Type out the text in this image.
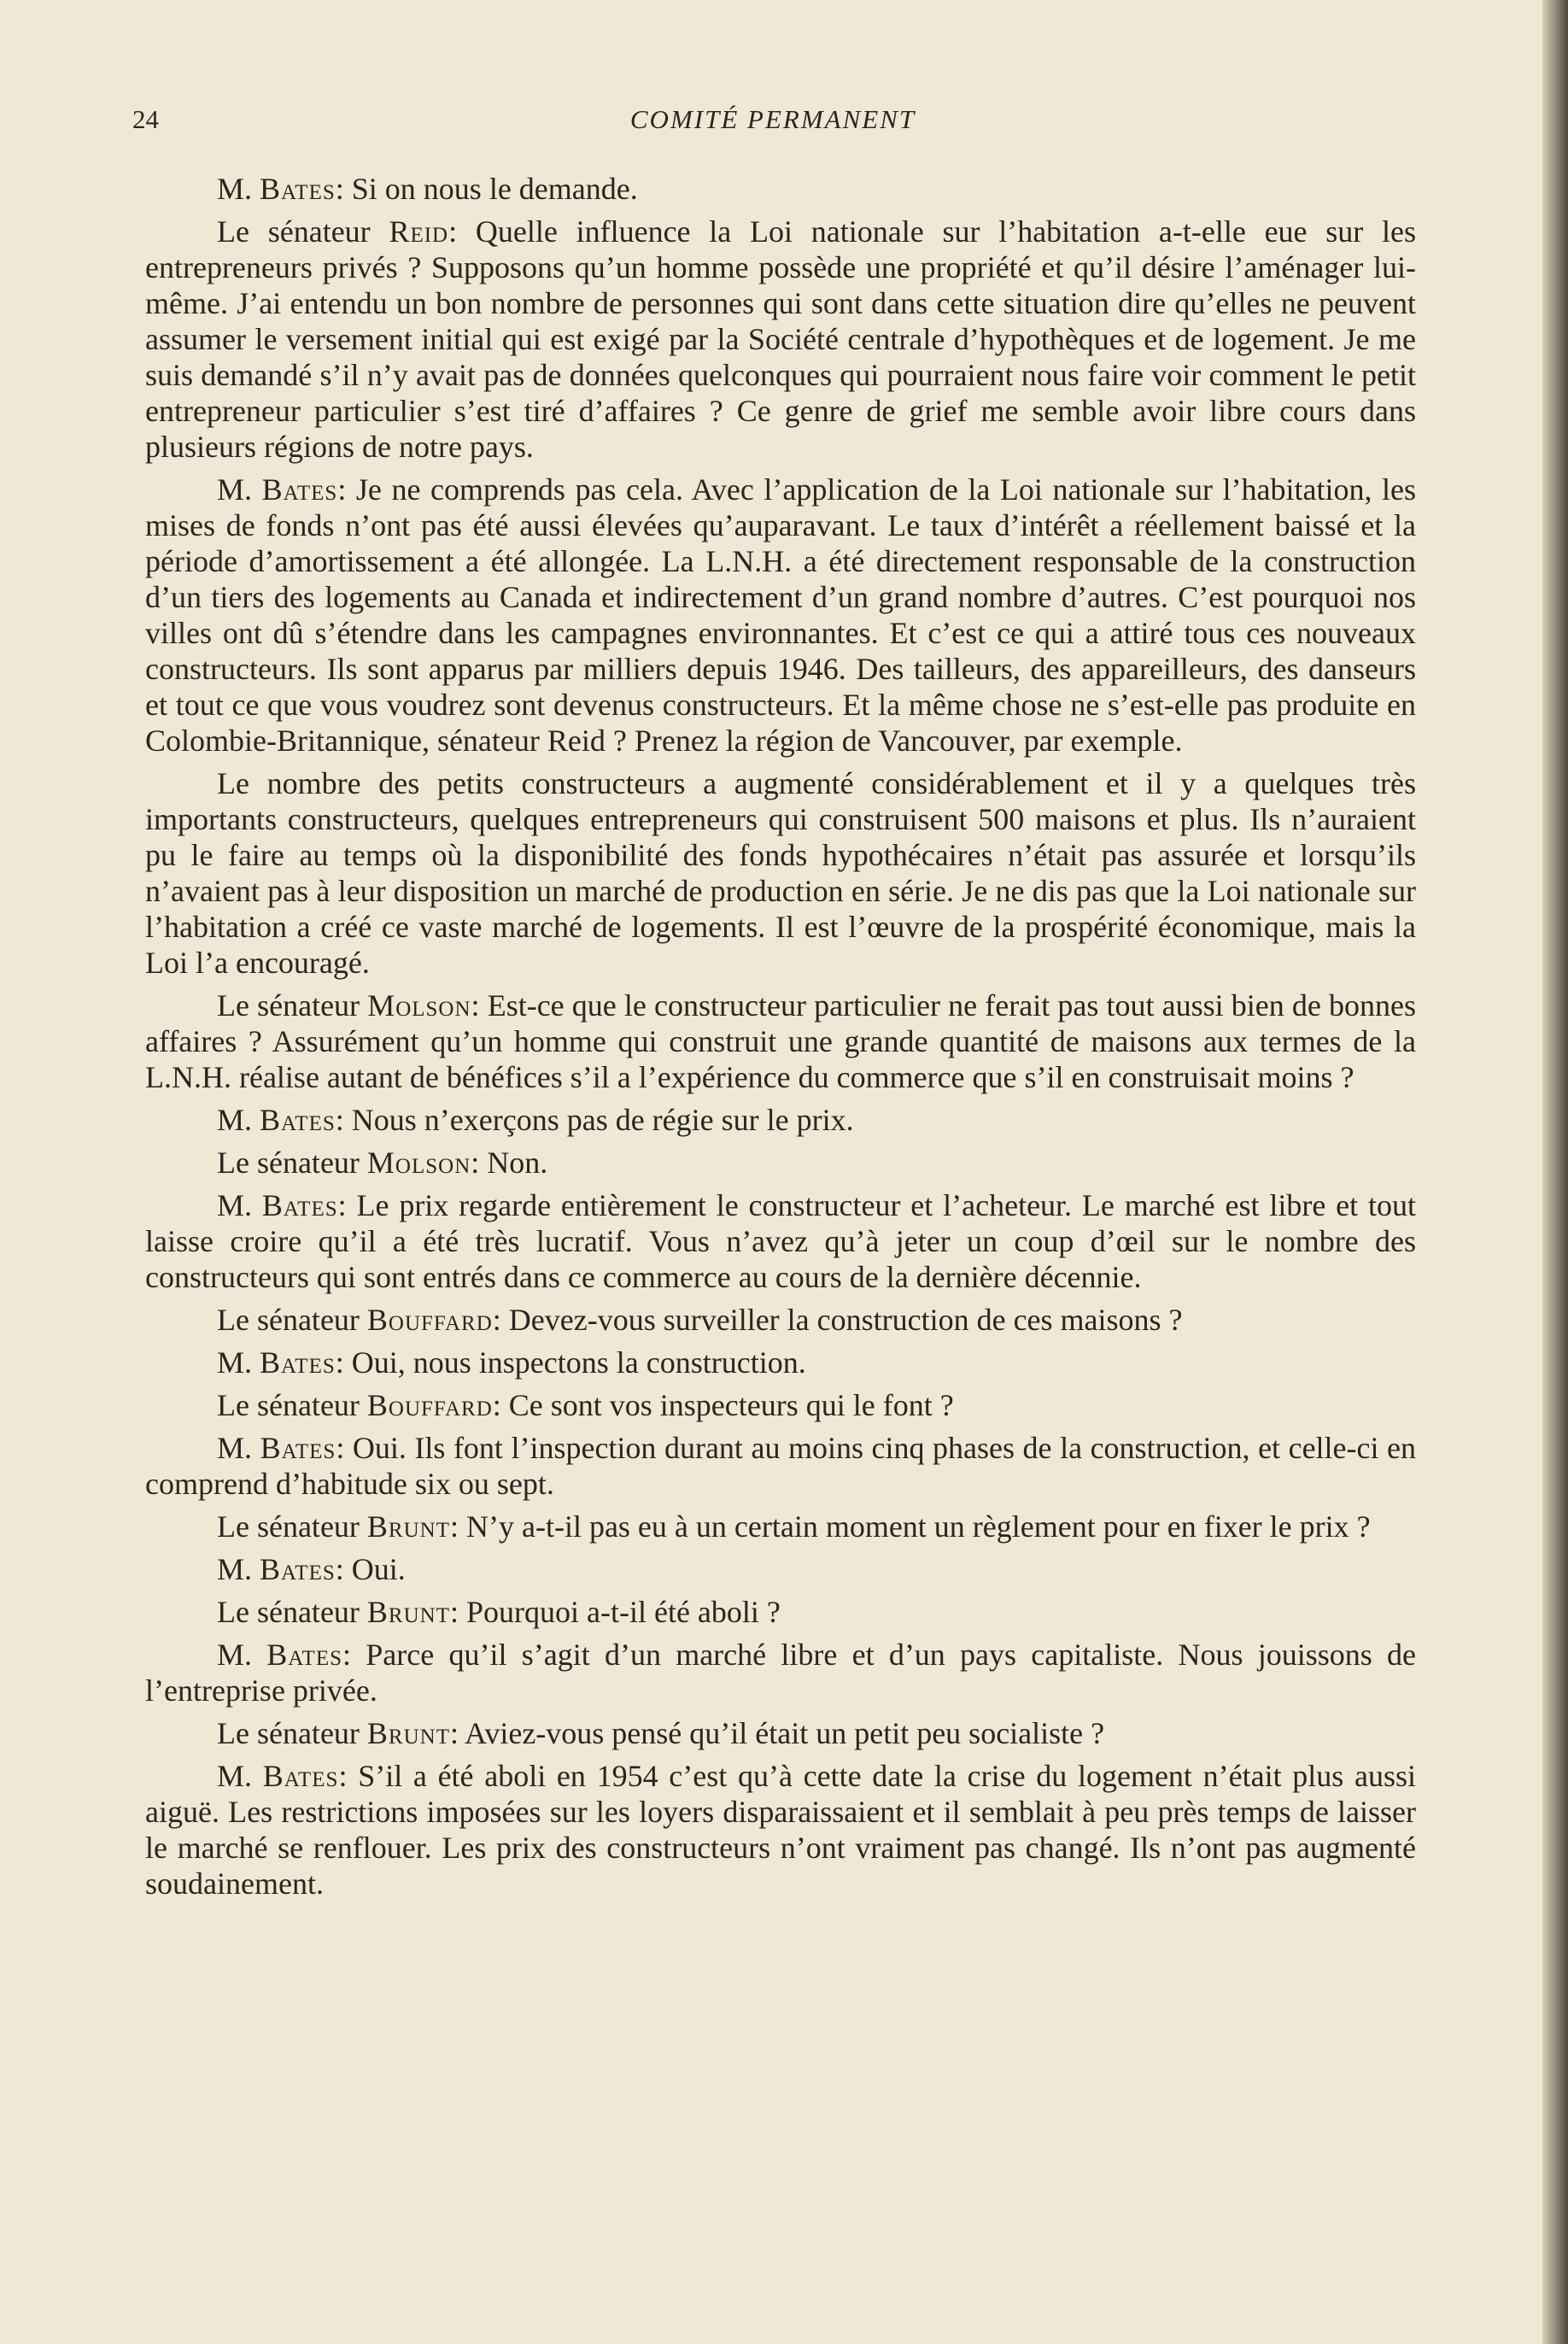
24	COMITÉ PERMANENT

M. Bates: Si on nous le demande.

Le sénateur Reid: Quelle influence la Loi nationale sur l’habitation a-t-elle eue sur les entrepreneurs privés ? Supposons qu’un homme possède une propriété et qu’il désire l’aménager lui-même. J’ai entendu un bon nombre de personnes qui sont dans cette situation dire qu’elles ne peuvent assumer le versement initial qui est exigé par la Société centrale d’hypothèques et de logement. Je me suis demandé s’il n’y avait pas de données quelconques qui pourraient nous faire voir comment le petit entrepreneur particulier s’est tiré d’affaires ? Ce genre de grief me semble avoir libre cours dans plusieurs régions de notre pays.

M. Bates: Je ne comprends pas cela. Avec l’application de la Loi nationale sur l’habitation, les mises de fonds n’ont pas été aussi élevées qu’auparavant. Le taux d’intérêt a réellement baissé et la période d’amortissement a été allongée. La L.N.H. a été directement responsable de la construction d’un tiers des logements au Canada et indirectement d’un grand nombre d’autres. C’est pourquoi nos villes ont dû s’étendre dans les campagnes environnantes. Et c’est ce qui a attiré tous ces nouveaux constructeurs. Ils sont apparus par milliers depuis 1946. Des tailleurs, des appareilleurs, des danseurs et tout ce que vous voudrez sont devenus constructeurs. Et la même chose ne s’est-elle pas produite en Colombie-Britannique, sénateur Reid ? Prenez la région de Vancouver, par exemple.

Le nombre des petits constructeurs a augmenté considérablement et il y a quelques très importants constructeurs, quelques entrepreneurs qui construisent 500 maisons et plus. Ils n’auraient pu le faire au temps où la disponibilité des fonds hypothécaires n’était pas assurée et lorsqu’ils n’avaient pas à leur disposition un marché de production en série. Je ne dis pas que la Loi nationale sur l’habitation a créé ce vaste marché de logements. Il est l’œuvre de la prospérité économique, mais la Loi l’a encouragé.

Le sénateur Molson: Est-ce que le constructeur particulier ne ferait pas tout aussi bien de bonnes affaires ? Assurément qu’un homme qui construit une grande quantité de maisons aux termes de la L.N.H. réalise autant de bénéfices s’il a l’expérience du commerce que s’il en construisait moins ?

M. Bates: Nous n’exerçons pas de régie sur le prix.

Le sénateur Molson: Non.

M. Bates: Le prix regarde entièrement le constructeur et l’acheteur. Le marché est libre et tout laisse croire qu’il a été très lucratif. Vous n’avez qu’à jeter un coup d’œil sur le nombre des constructeurs qui sont entrés dans ce commerce au cours de la dernière décennie.

Le sénateur Bouffard: Devez-vous surveiller la construction de ces maisons ?

M. Bates: Oui, nous inspectons la construction.

Le sénateur Bouffard: Ce sont vos inspecteurs qui le font ?

M. Bates: Oui. Ils font l’inspection durant au moins cinq phases de la construction, et celle-ci en comprend d’habitude six ou sept.

Le sénateur Brunt: N’y a-t-il pas eu à un certain moment un règlement pour en fixer le prix ?

M. Bates: Oui.

Le sénateur Brunt: Pourquoi a-t-il été aboli ?

M. Bates: Parce qu’il s’agit d’un marché libre et d’un pays capitaliste. Nous jouissons de l’entreprise privée.

Le sénateur Brunt: Aviez-vous pensé qu’il était un petit peu socialiste ?

M. Bates: S’il a été aboli en 1954 c’est qu’à cette date la crise du logement n’était plus aussi aiguë. Les restrictions imposées sur les loyers disparaissaient et il semblait à peu près temps de laisser le marché se renflouer. Les prix des constructeurs n’ont vraiment pas changé. Ils n’ont pas augmenté soudainement.
